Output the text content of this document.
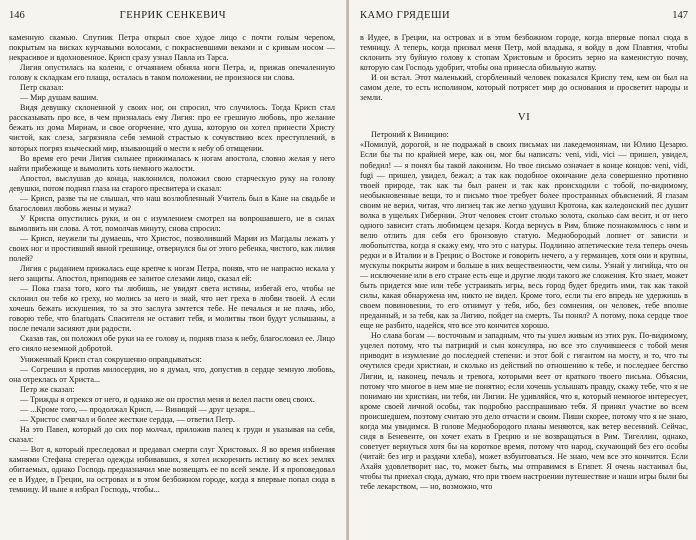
146	ГЕНРИК СЕНКЕВИЧ

каменную скамью. Спутник Петра открыл свое худое лицо с почти голым черепом, покрытым на висках курчавыми волосами, с покрасневшими веками и с кривым носом — некрасивое и вдохновенное. Крисп сразу узнал Павла из Тарса.

Лигия опустилась на колени, с отчаянием обняла ноги Петра, и, прижав опечаленную голову к складкам его плаща, осталась в таком положении, не произнося ни слова.

Петр сказал:

— Мир душам вашим.

Видя девушку склоненной у своих ног, он спросил, что случилось. Тогда Крисп стал рассказывать про все, в чем призналась ему Лигия: про ее грешную любовь, про желание бежать из дома Мириам, и свое огорчение, что душа, которую он хотел принести Христу чистой, как слеза, загрязняла себя земной страстью к сочувствию всех преступлений, в которых погряз языческий мир, взывающий о мести к небу об отмщении.

Во время его речи Лигия сильнее прижималась к ногам апостола, словно желая у него найти прибежище и вымолить хоть немного жалости.

Апостол, выслушав до конца, наклонился, положил свою старческую руку на голову девушки, потом поднял глаза на старого пресвитера и сказал:

— Крисп, разве ты не слышал, что наш возлюбленный Учитель был в Кане на свадьбе и благословил любовь жены и мужа?

У Криспа опустились руки, и он с изумлением смотрел на вопрошавшего, не в силах вымолвить ни слова. А тот, помолчав минуту, снова спросил:

— Крисп, неужели ты думаешь, что Христос, позволивший Марии из Магдалы лежать у своих ног и простивший явной грешнице, отвернулся бы от этого ребенка, чистого, как лилия полей?

Лигия с рыданием прижалась еще крепче к ногам Петра, поняв, что не напрасно искала у него защиты. Апостол, приподняв ее залитое слезами лицо, сказал ей:

— Пока глаза того, кого ты любишь, не увидят света истины, избегай его, чтобы не склонил он тебя ко греху, но молись за него и знай, что нет греха в любви твоей. А если хочешь бежать искушения, то за это заслуга зачтется тебе. Не печалься и не плачь, ибо, говорю тебе, что благодать Спасителя не оставит тебя, и молитвы твои будут услышаны, а после печали засияют дни радости.

Сказав так, он положил обе руки на ее голову и, подняв глаза к небу, благословил ее. Лицо его сияло неземной добротой.

Униженный Крисп стал сокрушенно оправдываться:

— Согрешил я против милосердия, но я думал, что, допустив в сердце земную любовь, она отреклась от Христа...

Петр же сказал:

— Трижды я отрекся от него, и однако же он простил меня и велел пасти овец своих.

— ...Кроме того, — продолжал Крисп, — Виниций — друг цезаря...

— Христос смягчал и более жесткие сердца, — ответил Петр.

На это Павел, который до сих пор молчал, приложив палец к груди и указывая на себя, сказал:

— Вот я, который преследовал и предавал смерти слуг Христовых. Я во время избиения камнями Стефана стерегал одежды избивавших, я хотел искоренить истину во всех землях обитаемых, однако Господь предназначил мне возвещать ее по всей земле. И я проповедовал ее в Иудее, в Греции, на островах и в этом безбожном городе, когда я впервые попал сюда в темницу. И ныне я избрал Господь, чтобы...

КАМО ГРЯДЕШИ	147

в Иудее, в Греции, на островах и в этом безбожном городе, когда впервые попал сюда в темницу. А теперь, когда призвал меня Петр, мой владыка, я войду в дом Плавтия, чтобы склонить эту буйную голову к стопам Христовым и бросить зерно на каменистую почву, которую сам Господь удобрит, чтобы она принесла обильную жатву.

И он встал. Этот маленький, сгорбленный человек показался Криспу тем, кем он был на самом деле, то есть исполином, который потрясет мир до основания и просветит народы и земли.

VI

Петроний к Виницию:

«Помилуй, дорогой, и не подражай в своих письмах ни лакедемонянам, ни Юлию Цезарю. Если бы ты по крайней мере, как он, мог бы написать: veni, vidi, vici — пришел, увидел, победил! — я понял бы такой лаконизм. Но твое письмо означает в конце концов: veni, vidi, fugi — пришел, увидел, бежал; а так как подобное окончание дела совершенно противно твоей природе, так как ты был ранен и так как происходили с тобой, по-видимому, необыкновенные вещи, то и письмо твое требует более пространных объяснений. Я глазам своим не верил, читая, что лигиец так же легко удушил Кротона, как каледонский пес душит волка в ущельях Гибернии. Этот человек стоит столько золота, сколько сам весит, и от него одного зависит стать любимцем цезаря. Когда вернусь в Рим, ближе познакомлюсь с ним и велю отлить для себя его бронзовую статую. Меднобородый лопнет от зависти и любопытства, когда я скажу ему, что это с натуры. Подлинно атлетические тела теперь очень редки и в Италии и в Греции; о Востоке и говорить нечего, а у германцев, хотя они и крупны, мускулы покрыты жиром и больше в них вещественности, чем силы. Узнай у лигийца, что он — исключение или в его стране есть еще и другие люди такого же сложения. Кто знает, может быть придется мне или тебе устраивать игры, весь город будет бредить ими, так как такой силы, какая обнаружена им, никто не видел. Кроме того, если ты его впредь не удержишь в своем повиновении, то его отнимут у тебя, ибо, без сомнения, он человек, тебе вполне преданный, и за тебя, как за Лигию, пойдет на смерть. Ты понял? А потому, пока сердце твое еще не разбито, надейся, что все это кончится хорошо.

Но слава богам — восточным и западным, что ты ушел живым из этих рук. По-видимому, уцелел потому, что ты патриций и сын консуляра, но все это случившееся с тобой меня приводит в изумление до последней степени: и этот бой с гигантом на мосту, и то, что ты очутился среди христиан, и сколько из действий по отношению к тебе, и последнее бегство Лигии, и, наконец, печаль и тревога, которыми веет от краткого твоего письма. Объясни, потому что многое в нем мне не понятно; если хочешь услышать правду, скажу тебе, что я не понимаю ни христиан, ни тебя, ни Лигии. Не удивляйся, что я, который немногое интересует, кроме своей личной особы, так подробно расспрашиваю тебя. Я принял участие во всем происшедшем, поэтому считаю это дело отчасти и своим. Пиши скорее, потому что я не знаю, когда мы увидимся. В голове Меднобородого планы меняются, как ветер весенний. Сейчас, сидя в Беневенте, он хочет ехать в Грецию и не возвращаться в Рим. Тигеллин, однако, советует вернуться хотя бы на короткое время, потому что народ, скучающий без его особы (читай: без игр и раздачи хлеба), может взбунтоваться. Не знаю, чем все это кончится. Если Ахайя удовлетворит нас, то, может быть, мы отправимся в Египет. Я очень настаивал бы, чтобы ты приехал сюда, думаю, что при твоем настроении путешествие и наши игры были бы тебе лекарством, — но, возможно, что
